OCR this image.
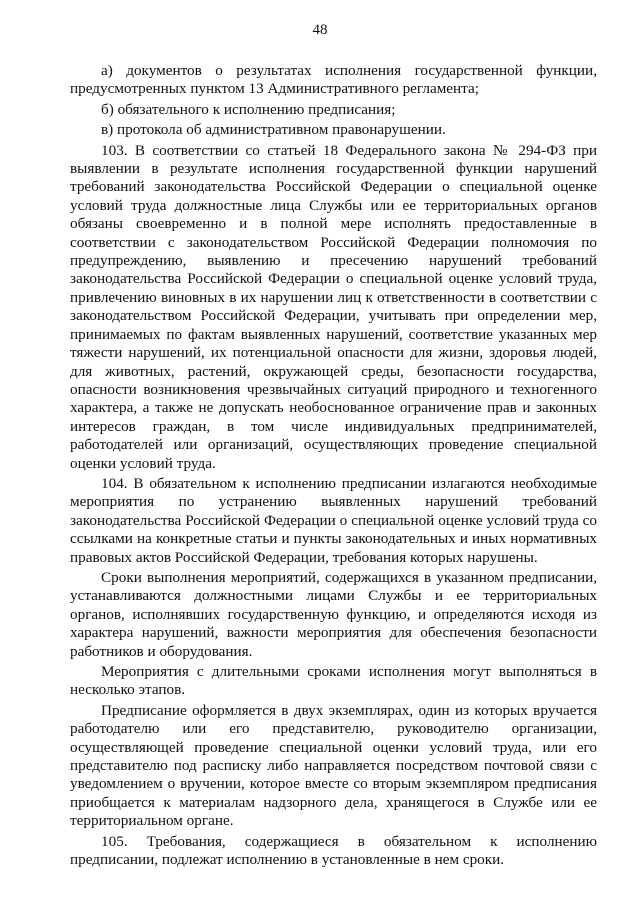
48

а) документов о результатах исполнения государственной функции, предусмотренных пунктом 13 Административного регламента;

б) обязательного к исполнению предписания;

в) протокола об административном правонарушении.

103. В соответствии со статьей 18 Федерального закона № 294-ФЗ при выявлении в результате исполнения государственной функции нарушений требований законодательства Российской Федерации о специальной оценке условий труда должностные лица Службы или ее территориальных органов обязаны своевременно и в полной мере исполнять предоставленные в соответствии с законодательством Российской Федерации полномочия по предупреждению, выявлению и пресечению нарушений требований законодательства Российской Федерации о специальной оценке условий труда, привлечению виновных в их нарушении лиц к ответственности в соответствии с законодательством Российской Федерации, учитывать при определении мер, принимаемых по фактам выявленных нарушений, соответствие указанных мер тяжести нарушений, их потенциальной опасности для жизни, здоровья людей, для животных, растений, окружающей среды, безопасности государства, опасности возникновения чрезвычайных ситуаций природного и техногенного характера, а также не допускать необоснованное ограничение прав и законных интересов граждан, в том числе индивидуальных предпринимателей, работодателей или организаций, осуществляющих проведение специальной оценки условий труда.

104. В обязательном к исполнению предписании излагаются необходимые мероприятия по устранению выявленных нарушений требований законодательства Российской Федерации о специальной оценке условий труда со ссылками на конкретные статьи и пункты законодательных и иных нормативных правовых актов Российской Федерации, требования которых нарушены.

Сроки выполнения мероприятий, содержащихся в указанном предписании, устанавливаются должностными лицами Службы и ее территориальных органов, исполнявших государственную функцию, и определяются исходя из характера нарушений, важности мероприятия для обеспечения безопасности работников и оборудования.

Мероприятия с длительными сроками исполнения могут выполняться в несколько этапов.

Предписание оформляется в двух экземплярах, один из которых вручается работодателю или его представителю, руководителю организации, осуществляющей проведение специальной оценки условий труда, или его представителю под расписку либо направляется посредством почтовой связи с уведомлением о вручении, которое вместе со вторым экземпляром предписания приобщается к материалам надзорного дела, хранящегося в Службе или ее территориальном органе.

105. Требования, содержащиеся в обязательном к исполнению предписании, подлежат исполнению в установленные в нем сроки.
